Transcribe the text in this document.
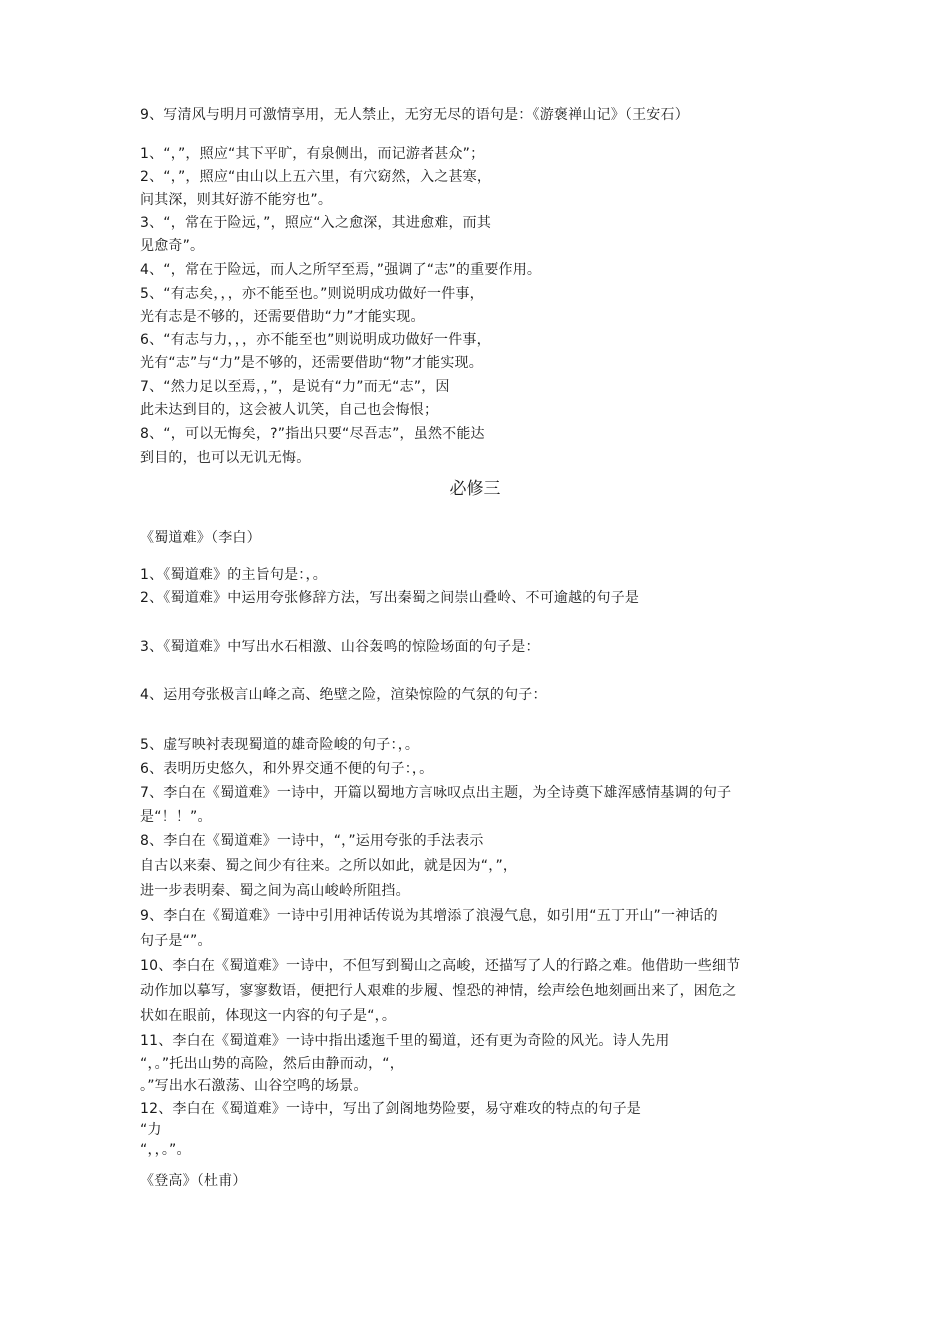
必修三
9、写清风与明月可激情享用，无人禁止，无穷无尽的语句是：《游褒禅山记》（王安石）
1、“，”，照应“其下平旷，有泉侧出，而记游者甚众”；
2、“，”，照应“由山以上五六里，有穴窈然，入之甚寒，
问其深，则其好游不能穷也”。
3、“，常在于险远，”，照应“入之愈深，其进愈难，而其
见愈奇”。
4、“，常在于险远，而人之所罕至焉，”强调了“志”的重要作用。
5、“有志矣，，，亦不能至也。”则说明成功做好一件事，
光有志是不够的，还需要借助“力”才能实现。
6、“有志与力，，，亦不能至也”则说明成功做好一件事，
光有“志”与“力”是不够的，还需要借助“物”才能实现。
7、“然力足以至焉，，”，是说有“力”而无“志”，因
此未达到目的，这会被人讥笑，自己也会悔恨；
8、“，可以无悔矣，?”指出只要“尽吾志”，虽然不能达
到目的，也可以无讥无悔。
《蜀道难》（李白）
1、《蜀道难》的主旨句是：，。
2、《蜀道难》中运用夸张修辞方法，写出秦蜀之间崇山叠岭、不可逾越的句子是
3、《蜀道难》中写出水石相激、山谷轰鸣的惊险场面的句子是：
4、运用夸张极言山峰之高、绝壁之险，渲染惊险的气氛的句子：
5、虚写映衬表现蜀道的雄奇险峻的句子：，。
6、表明历史悠久，和外界交通不便的句子：，。
7、李白在《蜀道难》一诗中，开篇以蜀地方言咏叹点出主题，为全诗奠下雄浑感情基调的句子
是“！！”。
8、李白在《蜀道难》一诗中，“，”运用夸张的手法表示
自古以来秦、蜀之间少有往来。之所以如此，就是因为“，”，
进一步表明秦、蜀之间为高山峻岭所阻挡。
9、李白在《蜀道难》一诗中引用神话传说为其增添了浪漫气息，如引用“五丁开山”一神话的
句子是“”。
10、李白在《蜀道难》一诗中，不但写到蜀山之高峻，还描写了人的行路之难。他借助一些细节
动作加以摹写，寥寥数语，便把行人艰难的步履、惶恐的神情，绘声绘色地刻画出来了，困危之
状如在眼前，体现这一内容的句子是“，。
11、李白在《蜀道难》一诗中指出逶迤千里的蜀道，还有更为奇险的风光。诗人先用
“，。”托出山势的高险，然后由静而动，“，
。”写出水石激荡、山谷空鸣的场景。
12、李白在《蜀道难》一诗中，写出了剑阁地势险要，易守难攻的特点的句子是
“力
“，，。”。
《登高》（杜甫）
